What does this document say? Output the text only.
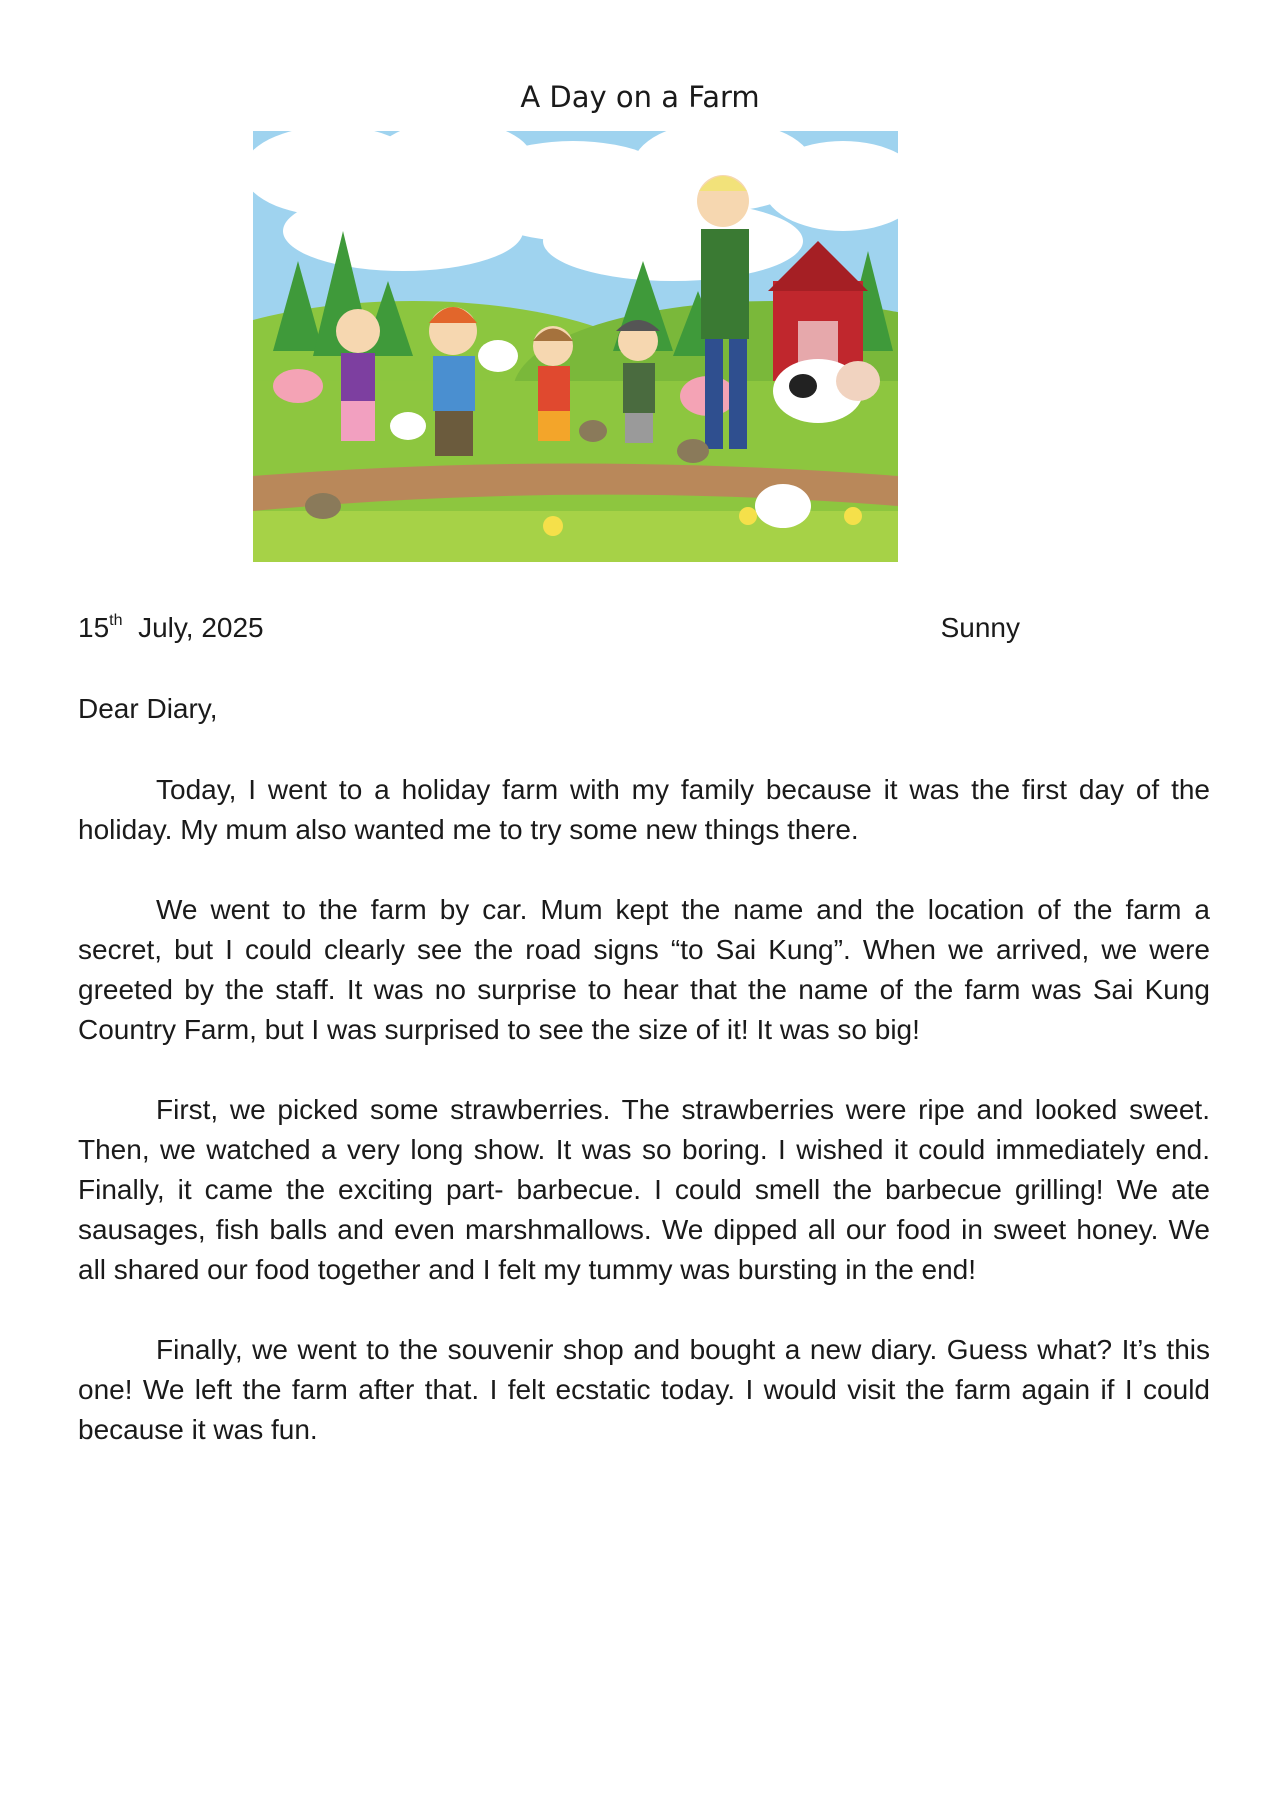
A Day on a Farm
15th July, 2025	Sunny
Dear Diary,

Today, I went to a holiday farm with my family because it was the first day of the holiday. My mum also wanted me to try some new things there.

We went to the farm by car. Mum kept the name and the location of the farm a secret, but I could clearly see the road signs “to Sai Kung”. When we arrived, we were greeted by the staff. It was no surprise to hear that the name of the farm was Sai Kung Country Farm, but I was surprised to see the size of it! It was so big!

First, we picked some strawberries. The strawberries were ripe and looked sweet. Then, we watched a very long show. It was so boring. I wished it could immediately end. Finally, it came the exciting part- barbecue. I could smell the barbecue grilling! We ate sausages, fish balls and even marshmallows. We dipped all our food in sweet honey. We all shared our food together and I felt my tummy was bursting in the end!

Finally, we went to the souvenir shop and bought a new diary. Guess what? It’s this one! We left the farm after that. I felt ecstatic today. I would visit the farm again if I could because it was fun.
